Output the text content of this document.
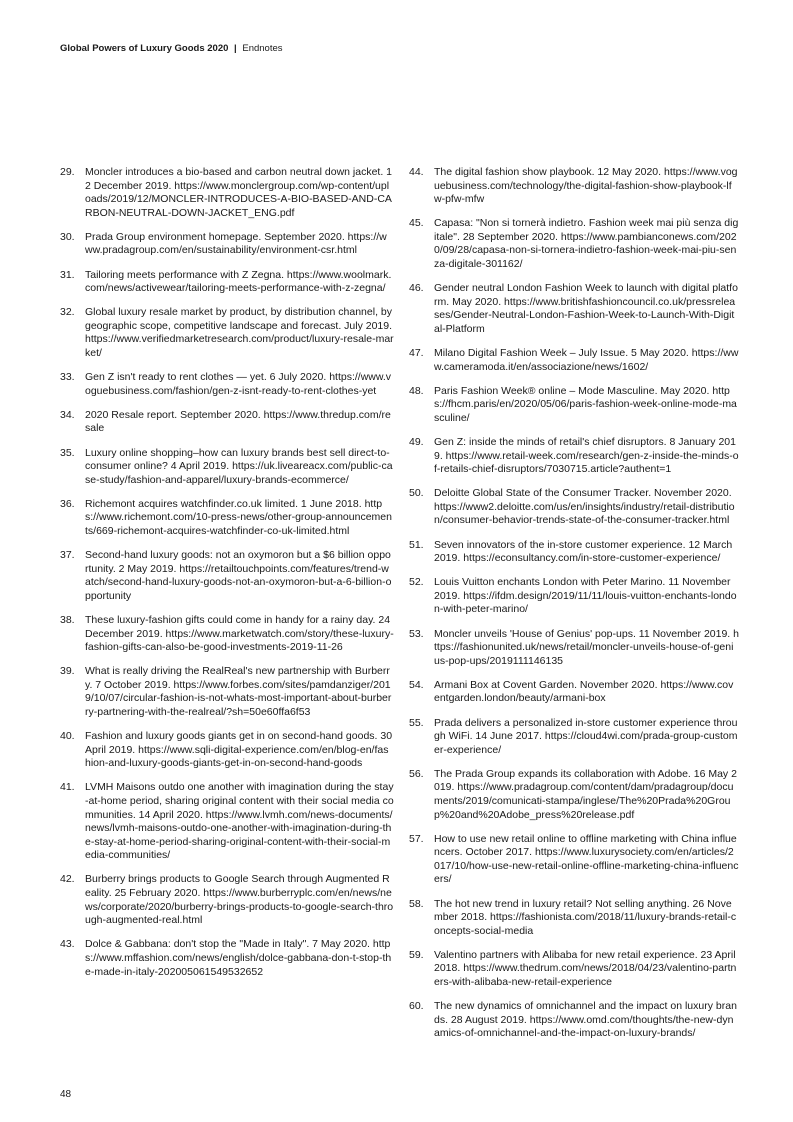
Global Powers of Luxury Goods 2020 | Endnotes
29. Moncler introduces a bio-based and carbon neutral down jacket. 12 December 2019. https://www.monclergroup.com/wp-content/uploads/2019/12/MONCLER-INTRODUCES-A-BIO-BASED-AND-CARBON-NEUTRAL-DOWN-JACKET_ENG.pdf
30. Prada Group environment homepage. September 2020. https://www.pradagroup.com/en/sustainability/environment-csr.html
31. Tailoring meets performance with Z Zegna. https://www.woolmark.com/news/activewear/tailoring-meets-performance-with-z-zegna/
32. Global luxury resale market by product, by distribution channel, by geographic scope, competitive landscape and forecast. July 2019. https://www.verifiedmarketresearch.com/product/luxury-resale-market/
33. Gen Z isn't ready to rent clothes — yet. 6 July 2020. https://www.voguebusiness.com/fashion/gen-z-isnt-ready-to-rent-clothes-yet
34. 2020 Resale report. September 2020. https://www.thredup.com/resale
35. Luxury online shopping–how can luxury brands best sell direct-to-consumer online? 4 April 2019. https://uk.liveareacx.com/public-case-study/fashion-and-apparel/luxury-brands-ecommerce/
36. Richemont acquires watchfinder.co.uk limited. 1 June 2018. https://www.richemont.com/10-press-news/other-group-announcements/669-richemont-acquires-watchfinder-co-uk-limited.html
37. Second-hand luxury goods: not an oxymoron but a $6 billion opportunity. 2 May 2019. https://retailtouchpoints.com/features/trend-watch/second-hand-luxury-goods-not-an-oxymoron-but-a-6-billion-opportunity
38. These luxury-fashion gifts could come in handy for a rainy day. 24 December 2019. https://www.marketwatch.com/story/these-luxury-fashion-gifts-can-also-be-good-investments-2019-11-26
39. What is really driving the RealReal's new partnership with Burberry. 7 October 2019. https://www.forbes.com/sites/pamdanziger/2019/10/07/circular-fashion-is-not-whats-most-important-about-burberry-partnering-with-the-realreal/?sh=50e60ffa6f53
40. Fashion and luxury goods giants get in on second-hand goods. 30 April 2019. https://www.sqli-digital-experience.com/en/blog-en/fashion-and-luxury-goods-giants-get-in-on-second-hand-goods
41. LVMH Maisons outdo one another with imagination during the stay-at-home period, sharing original content with their social media communities. 14 April 2020. https://www.lvmh.com/news-documents/news/lvmh-maisons-outdo-one-another-with-imagination-during-the-stay-at-home-period-sharing-original-content-with-their-social-media-communities/
42. Burberry brings products to Google Search through Augmented Reality. 25 February 2020. https://www.burberryplc.com/en/news/news/corporate/2020/burberry-brings-products-to-google-search-through-augmented-real.html
43. Dolce & Gabbana: don't stop the "Made in Italy". 7 May 2020. https://www.mffashion.com/news/english/dolce-gabbana-don-t-stop-the-made-in-italy-202005061549532652
44. The digital fashion show playbook. 12 May 2020. https://www.voguebusiness.com/technology/the-digital-fashion-show-playbook-lfw-pfw-mfw
45. Capasa: "Non si tornerà indietro. Fashion week mai più senza digitale". 28 September 2020. https://www.pambianconews.com/2020/09/28/capasa-non-si-tornera-indietro-fashion-week-mai-piu-senza-digitale-301162/
46. Gender neutral London Fashion Week to launch with digital platform. May 2020. https://www.britishfashioncouncil.co.uk/pressreleases/Gender-Neutral-London-Fashion-Week-to-Launch-With-Digital-Platform
47. Milano Digital Fashion Week – July Issue. 5 May 2020. https://www.cameramoda.it/en/associazione/news/1602/
48. Paris Fashion Week® online – Mode Masculine. May 2020. https://fhcm.paris/en/2020/05/06/paris-fashion-week-online-mode-masculine/
49. Gen Z: inside the minds of retail's chief disruptors. 8 January 2019. https://www.retail-week.com/research/gen-z-inside-the-minds-of-retails-chief-disruptors/7030715.article?authent=1
50. Deloitte Global State of the Consumer Tracker. November 2020. https://www2.deloitte.com/us/en/insights/industry/retail-distribution/consumer-behavior-trends-state-of-the-consumer-tracker.html
51. Seven innovators of the in-store customer experience. 12 March 2019. https://econsultancy.com/in-store-customer-experience/
52. Louis Vuitton enchants London with Peter Marino. 11 November 2019. https://ifdm.design/2019/11/11/louis-vuitton-enchants-london-with-peter-marino/
53. Moncler unveils 'House of Genius' pop-ups. 11 November 2019. https://fashionunited.uk/news/retail/moncler-unveils-house-of-genius-pop-ups/2019111146135
54. Armani Box at Covent Garden. November 2020. https://www.coventgarden.london/beauty/armani-box
55. Prada delivers a personalized in-store customer experience through WiFi. 14 June 2017. https://cloud4wi.com/prada-group-customer-experience/
56. The Prada Group expands its collaboration with Adobe. 16 May 2019. https://www.pradagroup.com/content/dam/pradagroup/documents/2019/comunicati-stampa/inglese/The%20Prada%20Group%20and%20Adobe_press%20release.pdf
57. How to use new retail online to offline marketing with China influencers. October 2017. https://www.luxurysociety.com/en/articles/2017/10/how-use-new-retail-online-offline-marketing-china-influencers/
58. The hot new trend in luxury retail? Not selling anything. 26 November 2018. https://fashionista.com/2018/11/luxury-brands-retail-concepts-social-media
59. Valentino partners with Alibaba for new retail experience. 23 April 2018. https://www.thedrum.com/news/2018/04/23/valentino-partners-with-alibaba-new-retail-experience
60. The new dynamics of omnichannel and the impact on luxury brands. 28 August 2019. https://www.omd.com/thoughts/the-new-dynamics-of-omnichannel-and-the-impact-on-luxury-brands/
48
